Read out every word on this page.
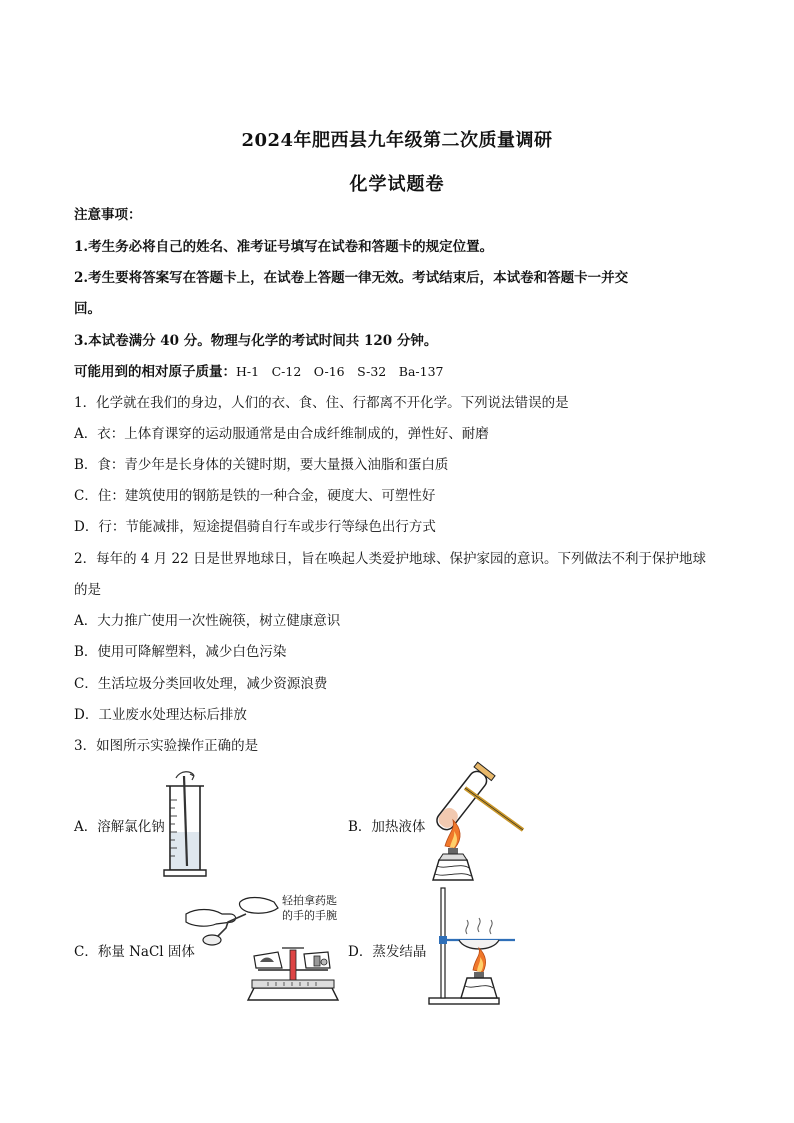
2024年肥西县九年级第二次质量调研
化学试题卷
注意事项：
1.考生务必将自己的姓名、准考证号填写在试卷和答题卡的规定位置。
2.考生要将答案写在答题卡上，在试卷上答题一律无效。考试结束后，本试卷和答题卡一并交
回。
3.本试卷满分 40 分。物理与化学的考试时间共 120 分钟。
可能用到的相对原子质量：H-1　C-12　O-16　S-32　Ba-137
1．化学就在我们的身边，人们的衣、食、住、行都离不开化学。下列说法错误的是
A．衣：上体育课穿的运动服通常是由合成纤维制成的，弹性好、耐磨
B．食：青少年是长身体的关键时期，要大量摄入油脂和蛋白质
C．住：建筑使用的钢筋是铁的一种合金，硬度大、可塑性好
D．行：节能减排，短途提倡骑自行车或步行等绿色出行方式
2．每年的 4 月 22 日是世界地球日，旨在唤起人类爱护地球、保护家园的意识。下列做法不利于保护地球
的是
A．大力推广使用一次性碗筷，树立健康意识
B．使用可降解塑料，减少白色污染
C．生活垃圾分类回收处理，减少资源浪费
D．工业废水处理达标后排放
3．如图所示实验操作正确的是
A．溶解氯化钠	B．加热液体
C．称量 NaCl 固体	D．蒸发结晶
轻拍拿药匙
的手的手腕
